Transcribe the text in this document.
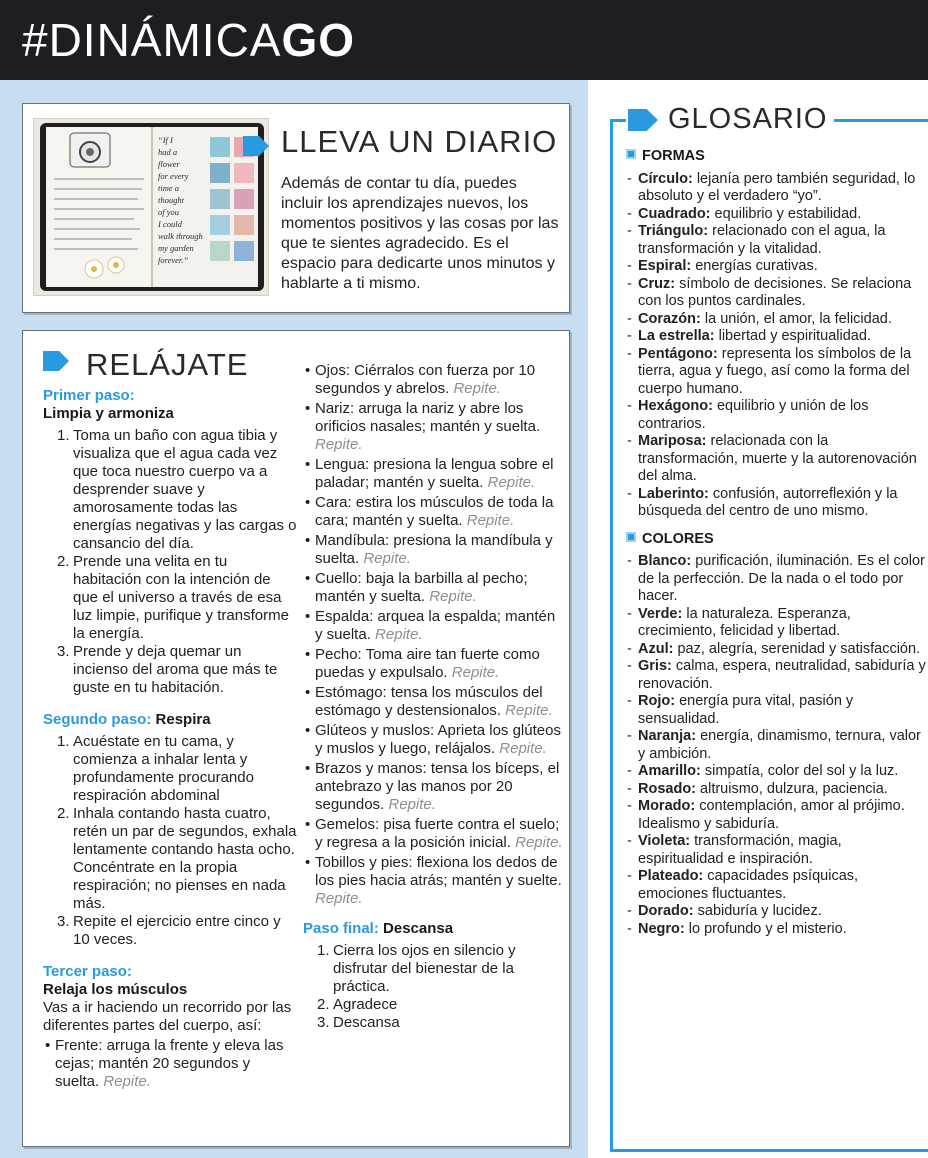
#DINÁMICAGO
“If I
had a
flower
for every
time a
thought
of you
I could
walk through
my garden
forever.”
LLEVA UN DIARIO
Además de contar tu día, puedes incluir los aprendizajes nuevos, los momentos positivos y las cosas por las que te sientes agradecido. Es el espacio para dedicarte unos minutos y hablarte a ti mismo.
RELÁJATE
Primer paso:
Limpia y armoniza
1. Toma un baño con agua tibia y visualiza que el agua cada vez que toca nuestro cuerpo va a desprender suave y amorosamente todas las energías negativas y las cargas o cansancio del día.
2. Prende una velita en tu habitación con la intención de que el universo a través de esa luz limpie, purifique y transforme la energía.
3. Prende y deja quemar un incienso del aroma que más te guste en tu habitación.
Segundo paso: Respira
1. Acuéstate en tu cama, y comienza a inhalar lenta y profundamente procurando respiración abdominal
2. Inhala contando hasta cuatro, retén un par de segundos, exhala lentamente contando hasta ocho. Concéntrate en la propia respiración; no pienses en nada más.
3. Repite el ejercicio entre cinco y 10 veces.
Tercer paso:
Relaja los músculos
Vas a ir haciendo un recorrido por las diferentes partes del cuerpo, así:
• Frente: arruga la frente y eleva las cejas; mantén 20 segundos y suelta. Repite.
• Ojos: Ciérralos con fuerza por 10 segundos y abrelos. Repite.
• Nariz: arruga la nariz y abre los orificios nasales; mantén y suelta. Repite.
• Lengua: presiona la lengua sobre el paladar; mantén y suelta. Repite.
• Cara: estira los músculos de toda la cara; mantén y suelta. Repite.
• Mandíbula: presiona la mandíbula y suelta. Repite.
• Cuello: baja la barbilla al pecho; mantén y suelta. Repite.
• Espalda: arquea la espalda; mantén y suelta. Repite.
• Pecho: Toma aire tan fuerte como puedas y expulsalo. Repite.
• Estómago: tensa los músculos del estómago y destensionalos. Repite.
• Glúteos y muslos: Aprieta los glúteos y muslos y luego, relájalos. Repite.
• Brazos y manos: tensa los bíceps, el antebrazo y las manos por 20 segundos. Repite.
• Gemelos: pisa fuerte contra el suelo; y regresa a la posición inicial. Repite.
• Tobillos y pies: flexiona los dedos de los pies hacia atrás; mantén y suelte. Repite.
Paso final: Descansa
1. Cierra los ojos en silencio y disfrutar del bienestar de la práctica.
2. Agradece
3. Descansa
GLOSARIO
FORMAS
- Círculo: lejanía pero también seguridad, lo absoluto y el verdadero “yo”.
- Cuadrado: equilibrio y estabilidad.
- Triángulo: relacionado con el agua, la transformación y la vitalidad.
- Espiral: energías curativas.
- Cruz: símbolo de decisiones. Se relaciona con los puntos cardinales.
- Corazón: la unión, el amor, la felicidad.
- La estrella: libertad y espiritualidad.
- Pentágono: representa los símbolos de la tierra, agua y fuego, así como la forma del cuerpo humano.
- Hexágono: equilibrio y unión de los contrarios.
- Mariposa: relacionada con la transformación, muerte y la autorenovación del alma.
- Laberinto: confusión, autorreflexión y la búsqueda del centro de uno mismo.
COLORES
- Blanco: purificación, iluminación. Es el color de la perfección. De la nada o el todo por hacer.
- Verde: la naturaleza. Esperanza, crecimiento, felicidad y libertad.
- Azul: paz, alegría, serenidad y satisfacción.
- Gris: calma, espera, neutralidad, sabiduría y renovación.
- Rojo: energía pura vital, pasión y sensualidad.
- Naranja: energía, dinamismo, ternura, valor y ambición.
- Amarillo: simpatía, color del sol y la luz.
- Rosado: altruismo, dulzura, paciencia.
- Morado: contemplación, amor al prójimo. Idealismo y sabiduría.
- Violeta: transformación, magia, espiritualidad e inspiración.
- Plateado: capacidades psíquicas, emociones fluctuantes.
- Dorado: sabiduría y lucidez.
- Negro: lo profundo y el misterio.
